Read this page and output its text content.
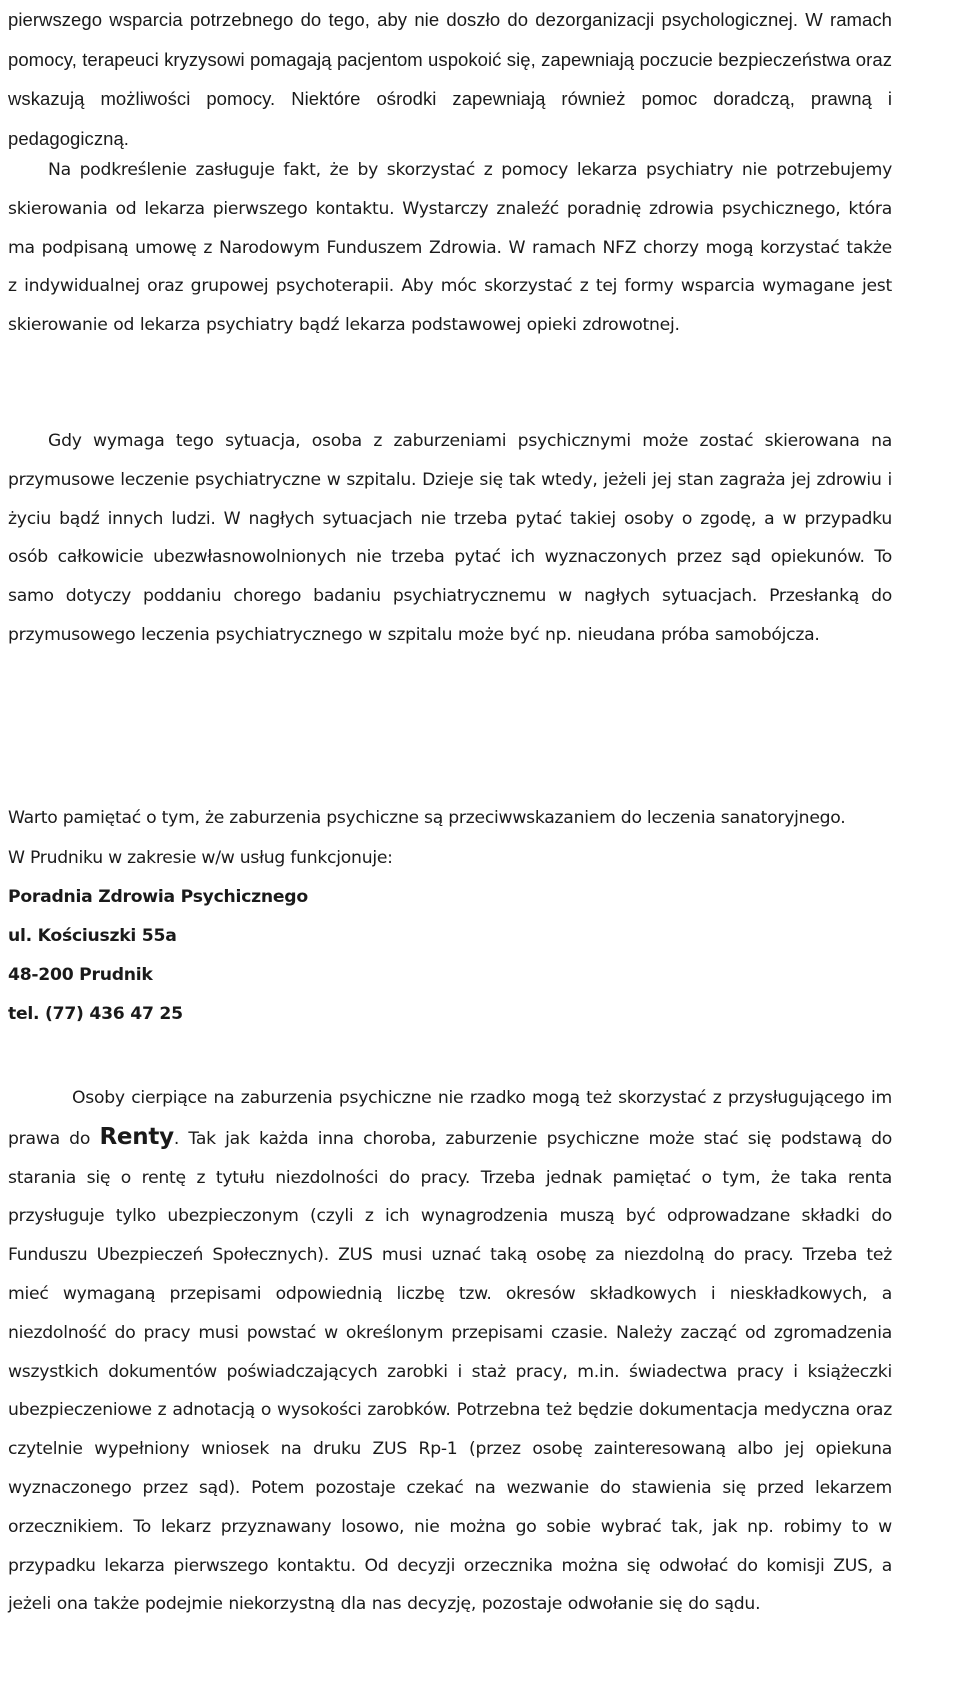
pierwszego wsparcia potrzebnego do tego, aby nie doszło do dezorganizacji psychologicznej. W ramach pomocy, terapeuci kryzysowi pomagają pacjentom uspokoić się, zapewniają poczucie bezpieczeństwa oraz wskazują możliwości pomocy. Niektóre ośrodki zapewniają również pomoc doradczą, prawną i pedagogiczną.

Na podkreślenie zasługuje fakt, że by skorzystać z pomocy lekarza psychiatry nie potrzebujemy skierowania od lekarza pierwszego kontaktu. Wystarczy znaleźć poradnię zdrowia psychicznego, która ma podpisaną umowę z Narodowym Funduszem Zdrowia. W ramach NFZ chorzy mogą korzystać także z indywidualnej oraz grupowej psychoterapii. Aby móc skorzystać z tej formy wsparcia wymagane jest skierowanie od lekarza psychiatry bądź lekarza podstawowej opieki zdrowotnej.

Gdy wymaga tego sytuacja, osoba z zaburzeniami psychicznymi może zostać skierowana na przymusowe leczenie psychiatryczne w szpitalu. Dzieje się tak wtedy, jeżeli jej stan zagraża jej zdrowiu i życiu bądź innych ludzi. W nagłych sytuacjach nie trzeba pytać takiej osoby o zgodę, a w przypadku osób całkowicie ubezwłasnowolnionych nie trzeba pytać ich wyznaczonych przez sąd opiekunów. To samo dotyczy poddaniu chorego badaniu psychiatrycznemu w nagłych sytuacjach. Przesłanką do przymusowego leczenia psychiatrycznego w szpitalu może być np. nieudana próba samobójcza.

Warto pamiętać o tym, że zaburzenia psychiczne są przeciwwskazaniem do leczenia sanatoryjnego.

W Prudniku w zakresie w/w usług funkcjonuje:

Poradnia Zdrowia Psychicznego

ul. Kościuszki 55a

48-200 Prudnik

tel. (77) 436 47 25

Osoby cierpiące na zaburzenia psychiczne nie rzadko mogą też skorzystać z przysługującego im prawa do Renty. Tak jak każda inna choroba, zaburzenie psychiczne może stać się podstawą do starania się o rentę z tytułu niezdolności do pracy. Trzeba jednak pamiętać o tym, że taka renta przysługuje tylko ubezpieczonym (czyli z ich wynagrodzenia muszą być odprowadzane składki do Funduszu Ubezpieczeń Społecznych). ZUS musi uznać taką osobę za niezdolną do pracy. Trzeba też mieć wymaganą przepisami odpowiednią liczbę tzw. okresów składkowych i nieskładkowych, a niezdolność do pracy musi powstać w określonym przepisami czasie. Należy zacząć od zgromadzenia wszystkich dokumentów poświadczających zarobki i staż pracy, m.in. świadectwa pracy i książeczki ubezpieczeniowe z adnotacją o wysokości zarobków. Potrzebna też będzie dokumentacja medyczna oraz czytelnie wypełniony wniosek na druku ZUS Rp-1 (przez osobę zainteresowaną albo jej opiekuna wyznaczonego przez sąd). Potem pozostaje czekać na wezwanie do stawienia się przed lekarzem orzecznikiem. To lekarz przyznawany losowo, nie można go sobie wybrać tak, jak np. robimy to w przypadku lekarza pierwszego kontaktu. Od decyzji orzecznika można się odwołać do komisji ZUS, a jeżeli ona także podejmie niekorzystną dla nas decyzję, pozostaje odwołanie się do sądu.
